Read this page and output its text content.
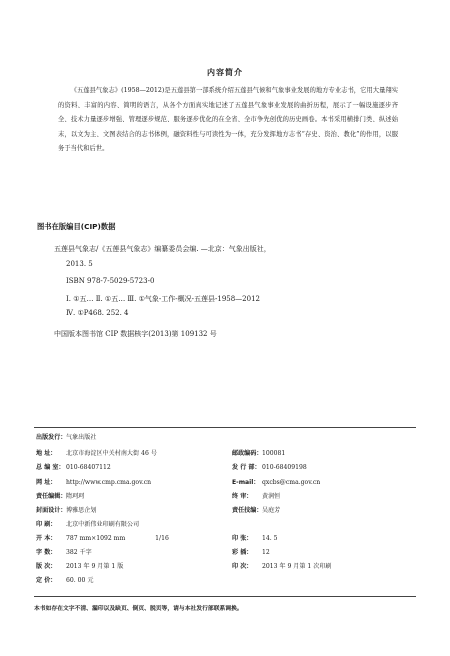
内容简介
《五莲县气象志》(1958—2012)是五莲县第一部系统介绍五莲县气候和气象事业发展的地方专业志书，它用大量翔实的资料、丰富的内容、简明的语言，从各个方面真实地记述了五莲县气象事业发展的曲折历程，展示了一幅设施逐步齐全、技术力量逐步增强、管理逐步规范、服务逐步优化的在全省、全市争先创优的历史画卷。本书采用横排门类、纵述始末，以文为主、文图表结合的志书体例，融资料性与可读性为一体，充分发挥地方志书“存史、资治、教化”的作用，以服务于当代和后世。
图书在版编目(CIP)数据
五莲县气象志/《五莲县气象志》编纂委员会编. —北京：气象出版社，
2013. 5
ISBN 978-7-5029-5723-0
Ⅰ. ①五… Ⅱ. ①五… Ⅲ. ①气象-工作-概况-五莲县-1958—2012
Ⅳ. ①P468. 252. 4
中国版本图书馆 CIP 数据核字(2013)第 109132 号
出版发行：气象出版社
地 址： 北京市海淀区中关村南大街 46 号	邮政编码：100081
总 编 室：010-68407112	发 行 部：010-68409198
网 址： http://www.cmp.cma.gov.cn	E-mail： qxcbs@cma.gov.cn
责任编辑：隋珂珂	终 审： 黄润恒
封面设计：博雅思企划	责任技编：吴庭芳
印 刷： 北京中新伟业印刷有限公司
开 本： 787 mm×1092 mm	1/16	印 张： 14. 5
字 数： 382 千字	彩 插： 12
版 次： 2013 年 9 月第 1 版	印 次： 2013 年 9 月第 1 次印刷
定 价： 60. 00 元
本书如存在文字不清、漏印以及缺页、倒页、脱页等，请与本社发行部联系调换。
